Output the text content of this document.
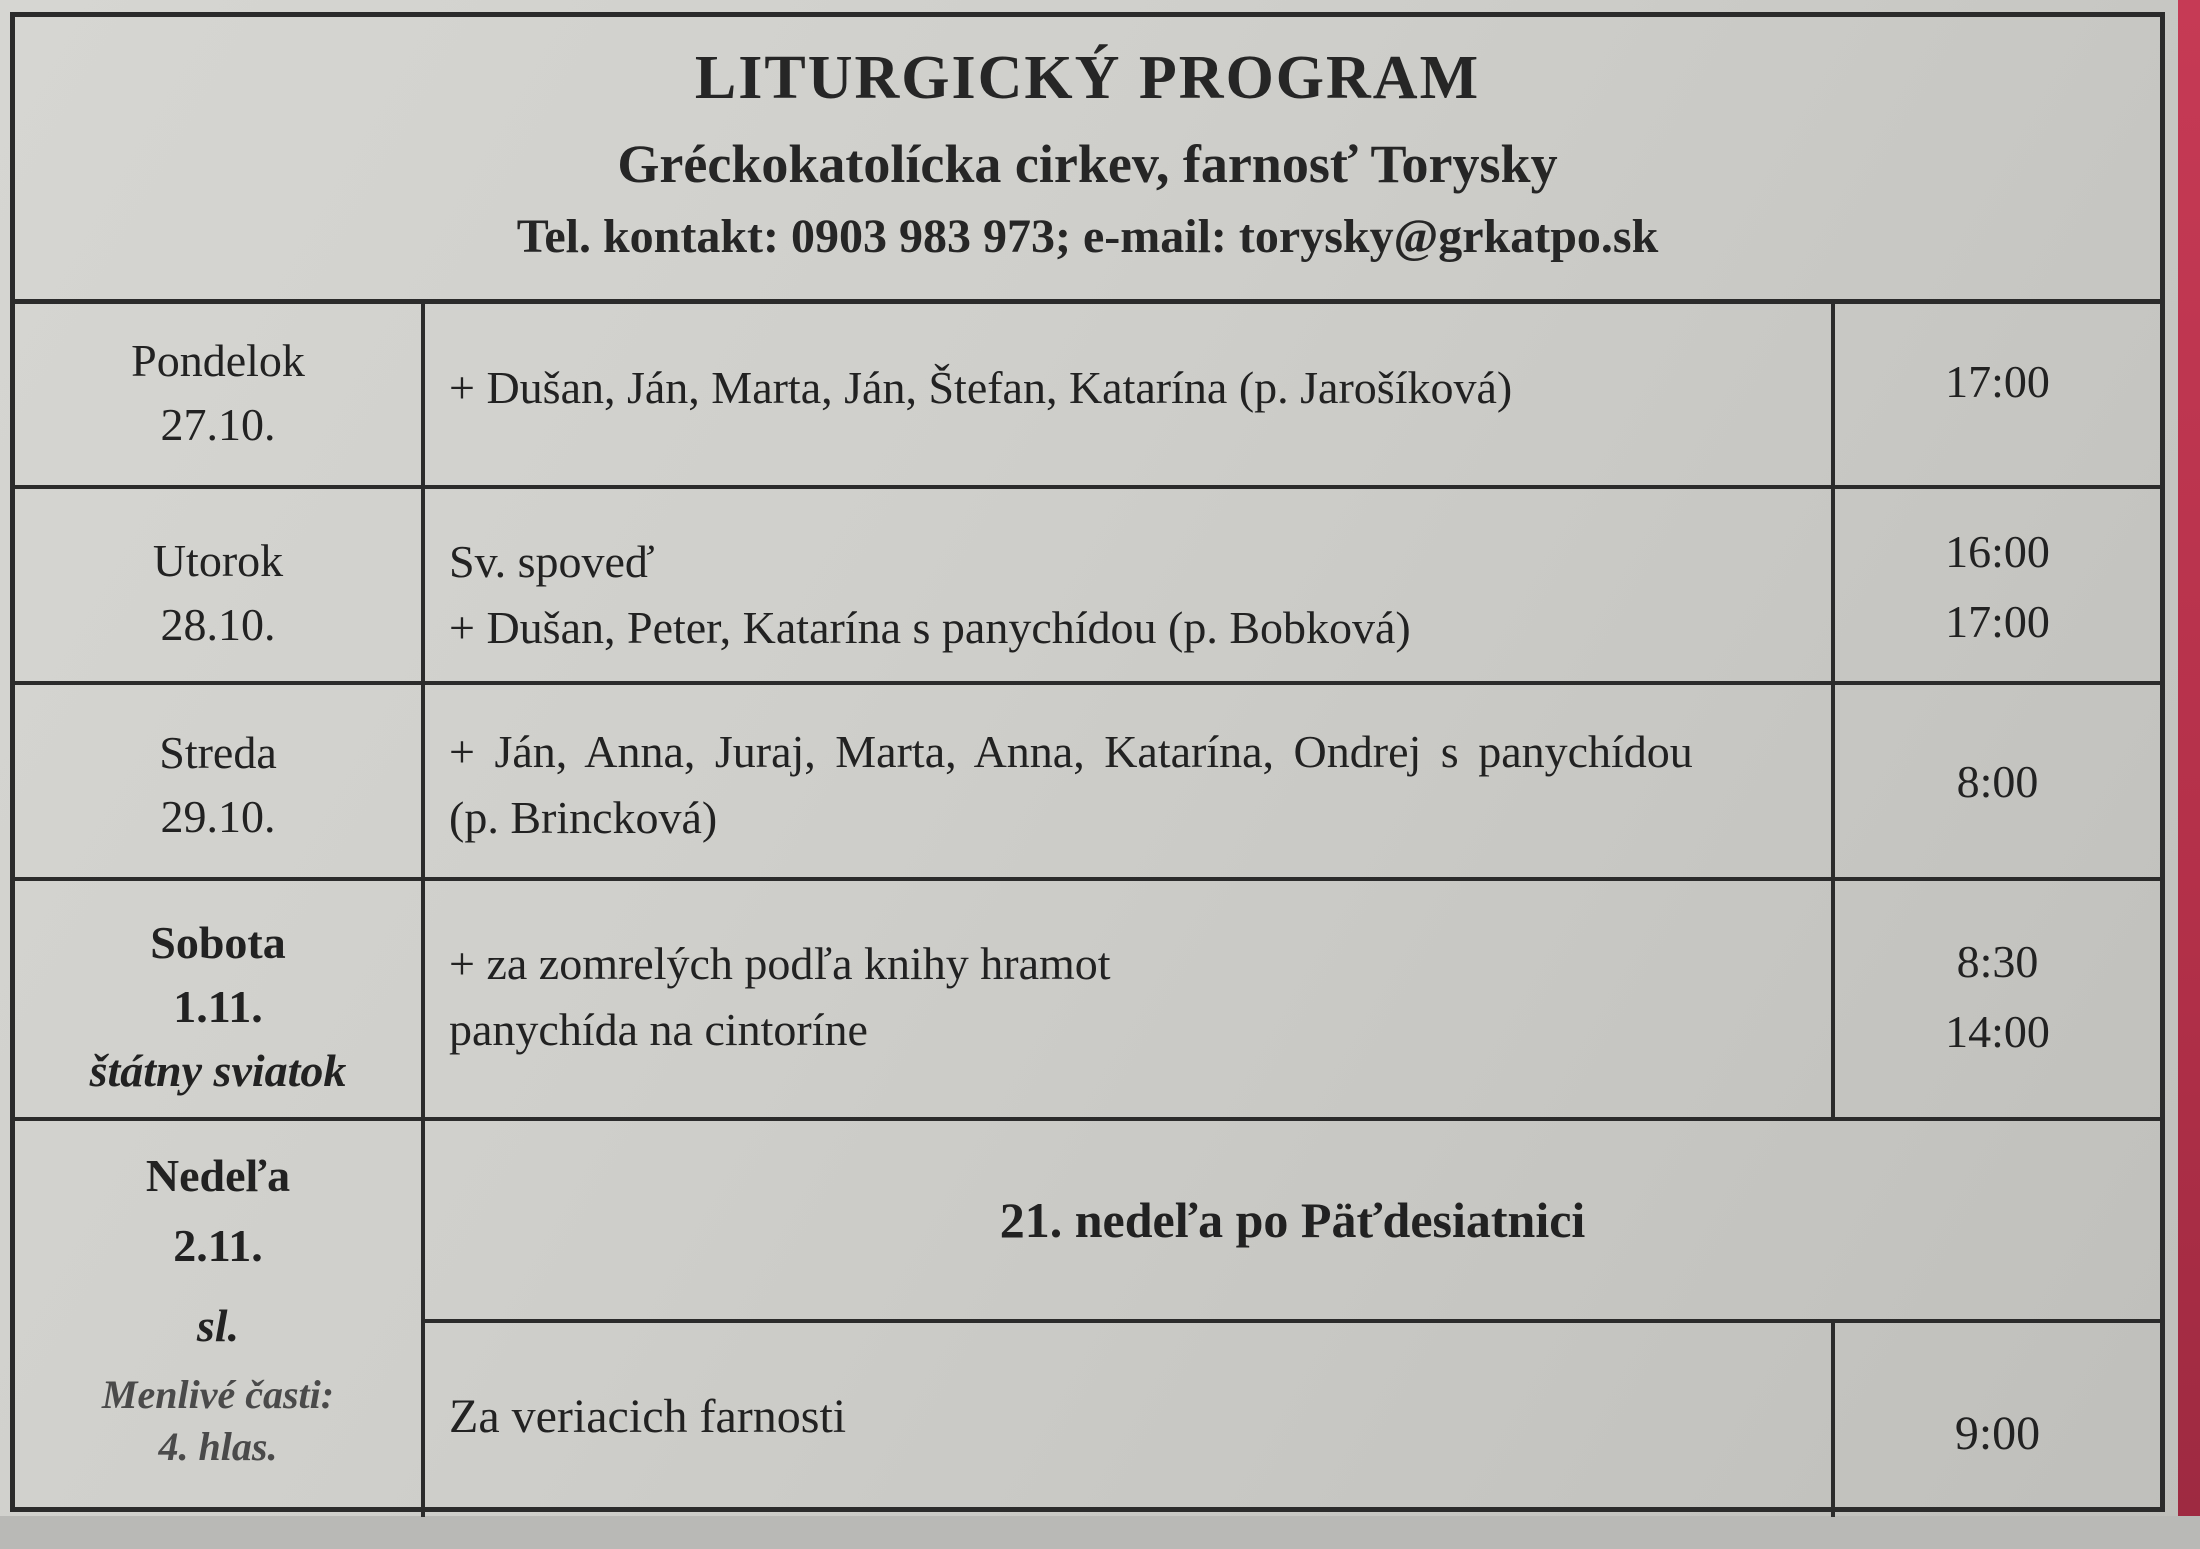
LITURGICKÝ PROGRAM
Gréckokatolícka cirkev, farnosť Torysky
Tel. kontakt: 0903 983 973; e-mail: torysky@grkatpo.sk
Pondelok
27.10.
+ Dušan, Ján, Marta, Ján, Štefan, Katarína (p. Jarošíková)	17:00
Utorok
28.10.
Sv. spoveď
+ Dušan, Peter, Katarína s panychídou (p. Bobková)
16:00
17:00
Streda
29.10.
+ Ján, Anna, Juraj, Marta, Anna, Katarína, Ondrej s panychídou
(p. Brincková)
8:00
Sobota
1.11.
štátny sviatok
+ za zomrelých podľa knihy hramot
panychída na cintoríne
8:30
14:00
Nedeľa
2.11.
sl.
Menlivé časti:
4. hlas.
21. nedeľa po Päťdesiatnici
Za veriacich farnosti	9:00
